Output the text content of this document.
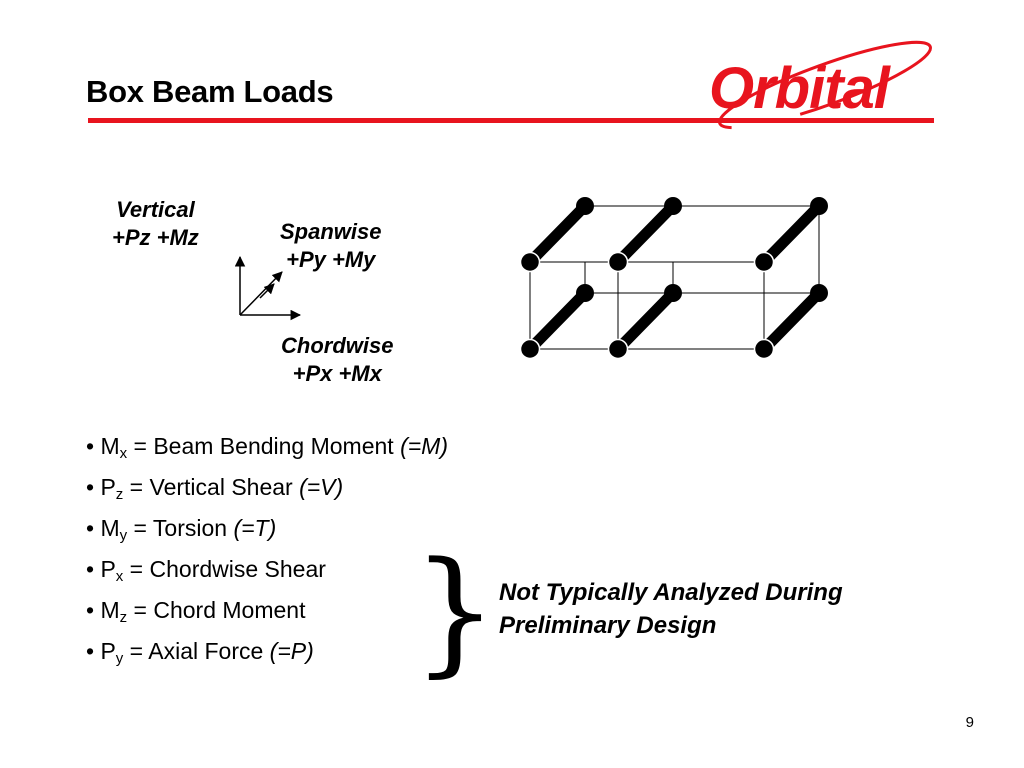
Box Beam Loads	Orbital

Vertical
+Pz +Mz	Spanwise
+Py +My

Chordwise
+Px +Mx

• $M_x$ = Beam Bending Moment (=M)
• $P_z$ = Vertical Shear (=V)
• $M_y$ = Torsion (=T)
• $P_x$ = Chordwise Shear
• $M_z$ = Chord Moment
• $P_y$ = Axial Force (=P) } Not Typically Analyzed During
Preliminary Design

9
